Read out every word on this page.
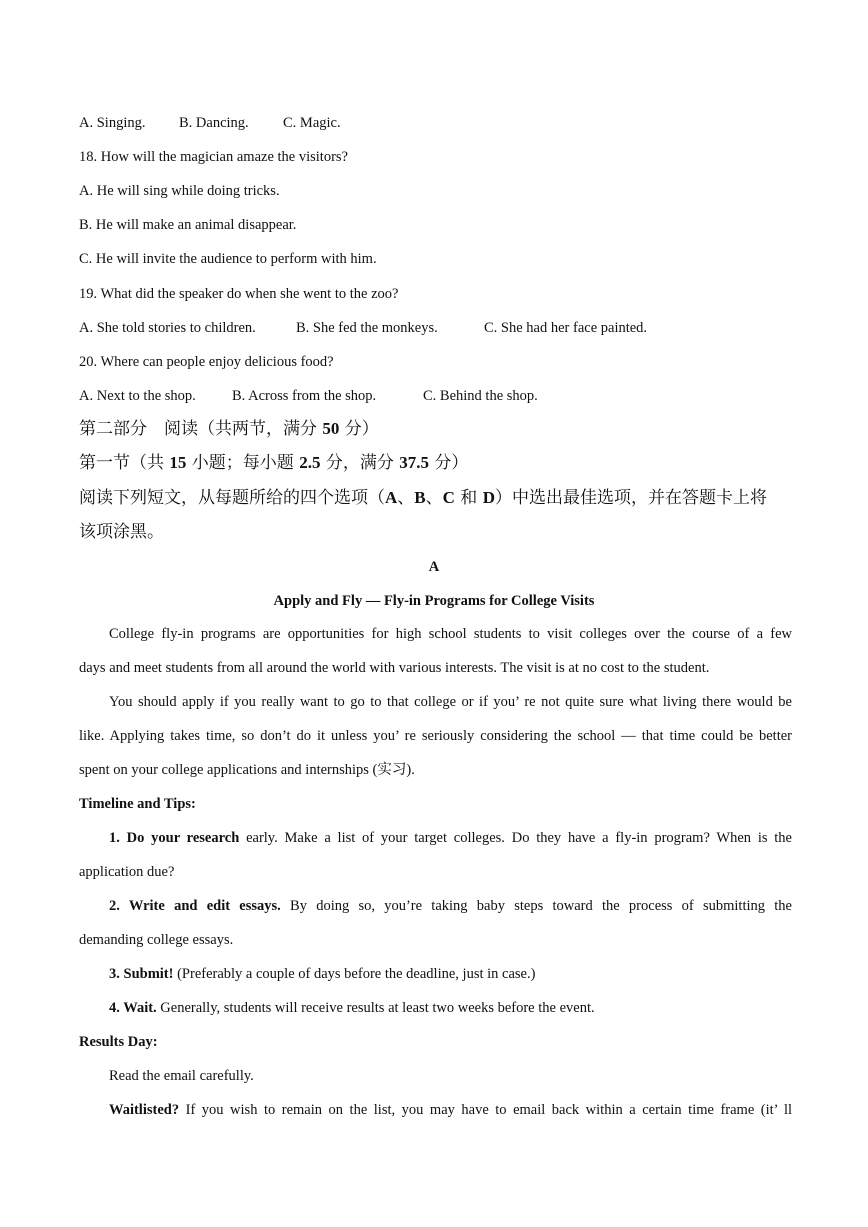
A. Singing. B. Dancing. C. Magic.
18. How will the magician amaze the visitors?
A. He will sing while doing tricks.
B. He will make an animal disappear.
C. He will invite the audience to perform with him.
19. What did the speaker do when she went to the zoo?
A. She told stories to children.	B. She fed the monkeys.	C. She had her face painted.
20. Where can people enjoy delicious food?
A. Next to the shop. B. Across from the shop.	C. Behind the shop.
第二部分　阅读（共两节，满分 50 分）
第一节（共 15 小题；每小题 2.5 分，满分 37.5 分）
阅读下列短文，从每题所给的四个选项（A、B、C 和 D）中选出最佳选项，并在答题卡上将
该项涂黑。
A
Apply and Fly — Fly-in Programs for College Visits
College fly-in programs are opportunities for high school students to visit colleges over the course of a few
days and meet students from all around the world with various interests. The visit is at no cost to the student.
You should apply if you really want to go to that college or if you’ re not quite sure what living there would be
like. Applying takes time, so don’t do it unless you’ re seriously considering the school — that time could be better
spent on your college applications and internships (实习).
Timeline and Tips:
1. Do your research early. Make a list of your target colleges. Do they have a fly-in program? When is the
application due?
2. Write and edit essays. By doing so, you’re taking baby steps toward the process of submitting the
demanding college essays.
3. Submit! (Preferably a couple of days before the deadline, just in case.)
4. Wait. Generally, students will receive results at least two weeks before the event.
Results Day:
Read the email carefully.
Waitlisted? If you wish to remain on the list, you may have to email back within a certain time frame (it’ ll
